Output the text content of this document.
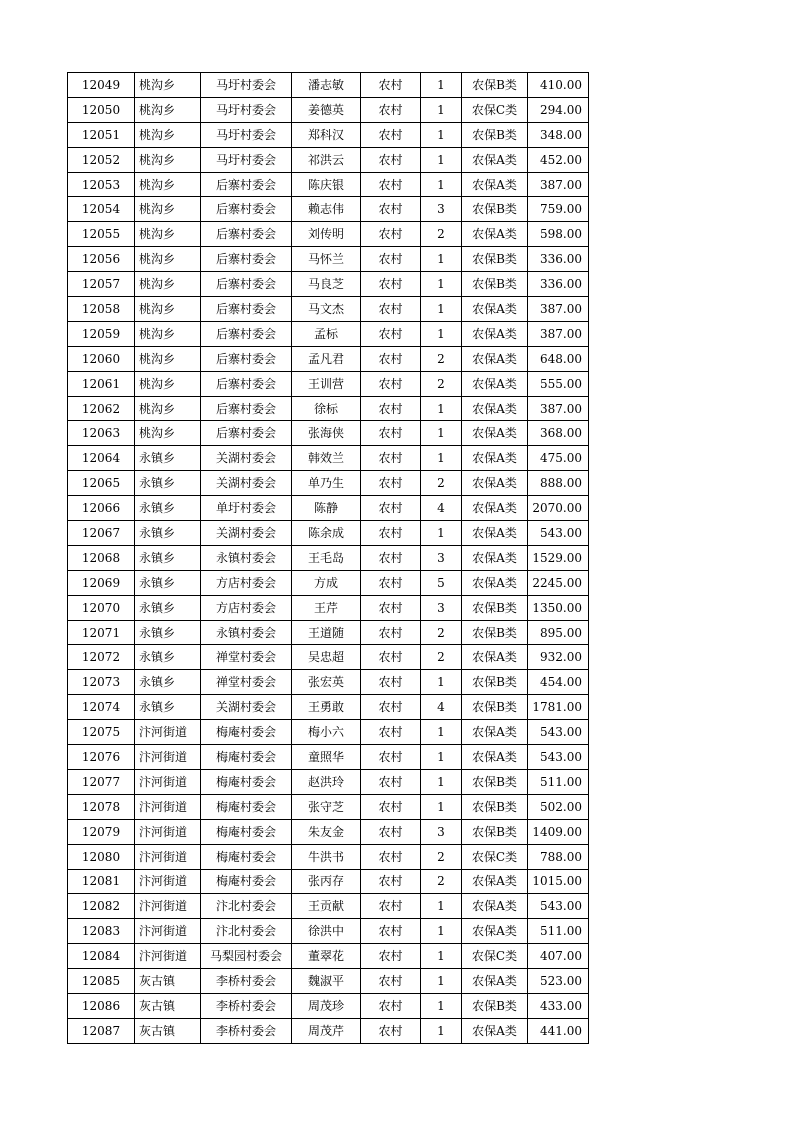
12049	桃沟乡	马圩村委会	潘志敏	农村	1	农保B类	410.00
12050	桃沟乡	马圩村委会	姜德英	农村	1	农保C类	294.00
12051	桃沟乡	马圩村委会	郑科汉	农村	1	农保B类	348.00
12052	桃沟乡	马圩村委会	祁洪云	农村	1	农保A类	452.00
12053	桃沟乡	后寨村委会	陈庆银	农村	1	农保A类	387.00
12054	桃沟乡	后寨村委会	赖志伟	农村	3	农保B类	759.00
12055	桃沟乡	后寨村委会	刘传明	农村	2	农保A类	598.00
12056	桃沟乡	后寨村委会	马怀兰	农村	1	农保B类	336.00
12057	桃沟乡	后寨村委会	马良芝	农村	1	农保B类	336.00
12058	桃沟乡	后寨村委会	马文杰	农村	1	农保A类	387.00
12059	桃沟乡	后寨村委会	孟标	农村	1	农保A类	387.00
12060	桃沟乡	后寨村委会	孟凡君	农村	2	农保A类	648.00
12061	桃沟乡	后寨村委会	王训营	农村	2	农保A类	555.00
12062	桃沟乡	后寨村委会	徐标	农村	1	农保A类	387.00
12063	桃沟乡	后寨村委会	张海侠	农村	1	农保A类	368.00
12064	永镇乡	关湖村委会	韩效兰	农村	1	农保A类	475.00
12065	永镇乡	关湖村委会	单乃生	农村	2	农保A类	888.00
12066	永镇乡	单圩村委会	陈静	农村	4	农保A类	2070.00
12067	永镇乡	关湖村委会	陈余成	农村	1	农保A类	543.00
12068	永镇乡	永镇村委会	王毛岛	农村	3	农保A类	1529.00
12069	永镇乡	方店村委会	方成	农村	5	农保A类	2245.00
12070	永镇乡	方店村委会	王芹	农村	3	农保B类	1350.00
12071	永镇乡	永镇村委会	王道随	农村	2	农保B类	895.00
12072	永镇乡	禅堂村委会	吴忠超	农村	2	农保A类	932.00
12073	永镇乡	禅堂村委会	张宏英	农村	1	农保B类	454.00
12074	永镇乡	关湖村委会	王勇敢	农村	4	农保B类	1781.00
12075	汴河街道	梅庵村委会	梅小六	农村	1	农保A类	543.00
12076	汴河街道	梅庵村委会	童照华	农村	1	农保A类	543.00
12077	汴河街道	梅庵村委会	赵洪玲	农村	1	农保B类	511.00
12078	汴河街道	梅庵村委会	张守芝	农村	1	农保B类	502.00
12079	汴河街道	梅庵村委会	朱友金	农村	3	农保B类	1409.00
12080	汴河街道	梅庵村委会	牛洪书	农村	2	农保C类	788.00
12081	汴河街道	梅庵村委会	张丙存	农村	2	农保A类	1015.00
12082	汴河街道	汴北村委会	王贡献	农村	1	农保A类	543.00
12083	汴河街道	汴北村委会	徐洪中	农村	1	农保A类	511.00
12084	汴河街道	马梨园村委会	董翠花	农村	1	农保C类	407.00
12085	灰古镇	李桥村委会	魏淑平	农村	1	农保A类	523.00
12086	灰古镇	李桥村委会	周茂珍	农村	1	农保B类	433.00
12087	灰古镇	李桥村委会	周茂芹	农村	1	农保A类	441.00
